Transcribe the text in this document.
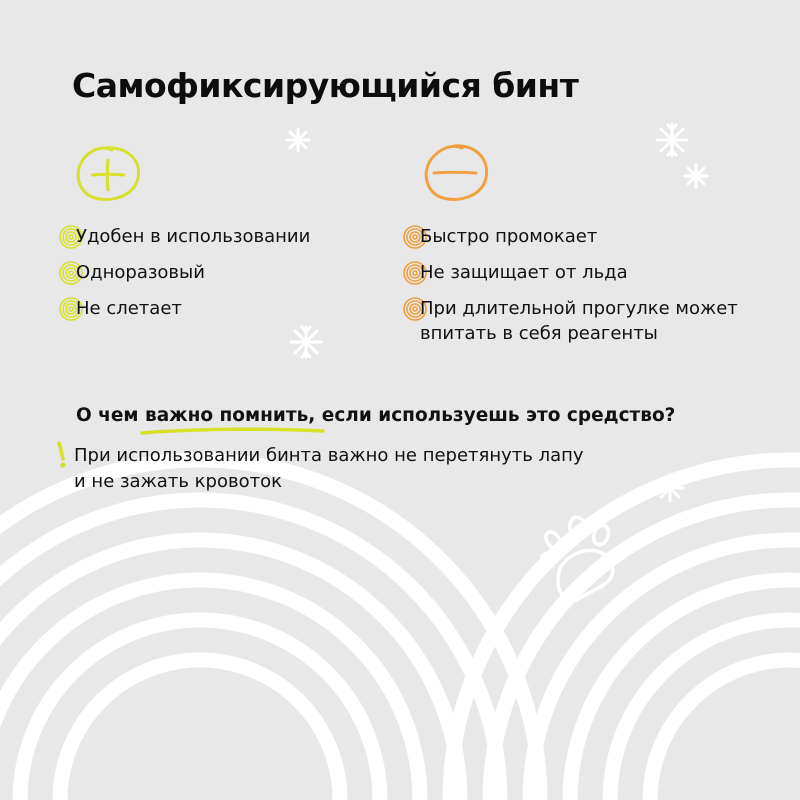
Самофиксирующийся бинт
Удобен в использовании
Одноразовый
Не слетает
Быстро промокает
Не защищает от льда
При длительной прогулке может впитать в себя реагенты
О чем важно помнить, если используешь это средство?
При использовании бинта важно не перетянуть лапу
и не зажать кровоток
